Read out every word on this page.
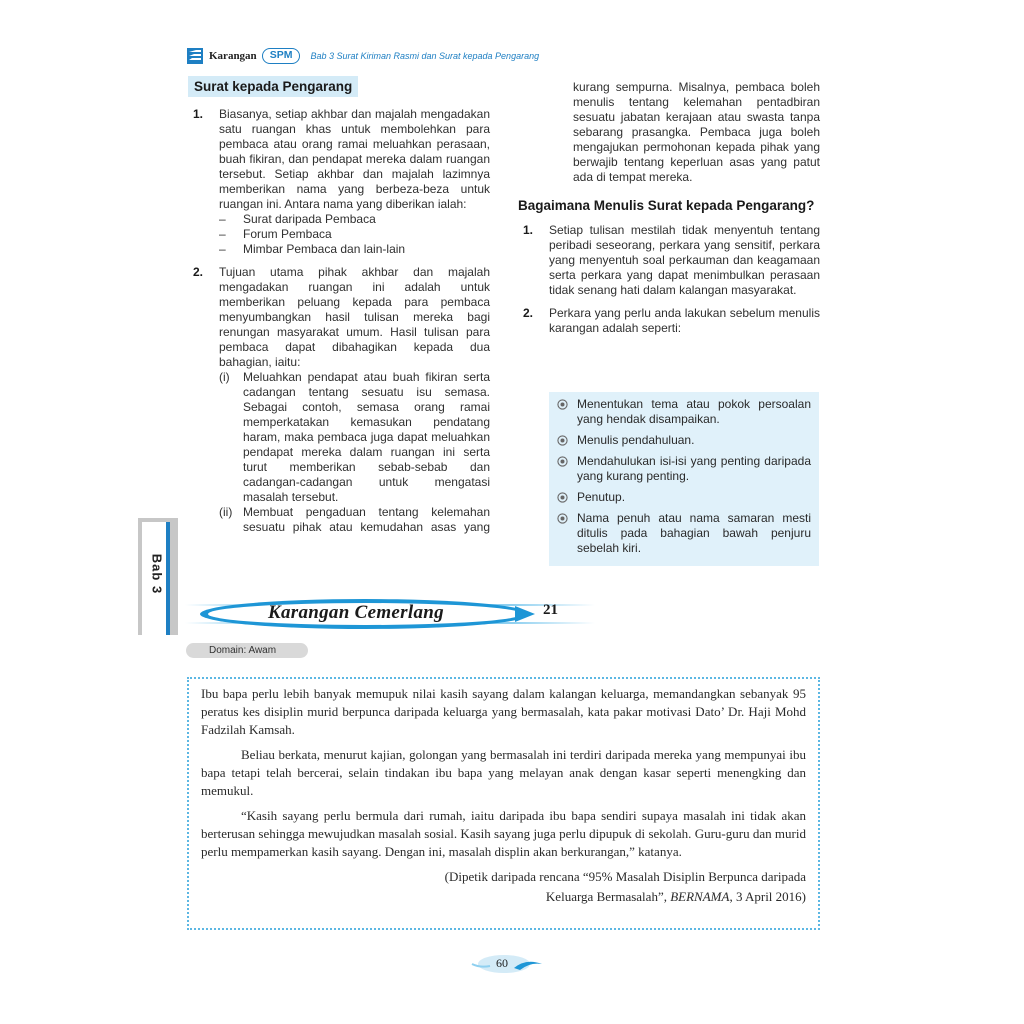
Karangan	SPM	Bab 3 Surat Kiriman Rasmi dan Surat kepada Pengarang
Surat kepada Pengarang
1. Biasanya, setiap akhbar dan majalah mengadakan satu ruangan khas untuk membolehkan para pembaca atau orang ramai meluahkan perasaan, buah fikiran, dan pendapat mereka dalam ruangan tersebut. Setiap akhbar dan majalah lazimnya memberikan nama yang berbeza-beza untuk ruangan ini. Antara nama yang diberikan ialah:
– Surat daripada Pembaca
– Forum Pembaca
– Mimbar Pembaca dan lain-lain
2. Tujuan utama pihak akhbar dan majalah mengadakan ruangan ini adalah untuk memberikan peluang kepada para pembaca menyumbangkan hasil tulisan mereka bagi renungan masyarakat umum. Hasil tulisan para pembaca dapat dibahagikan kepada dua bahagian, iaitu:
(i) Meluahkan pendapat atau buah fikiran serta cadangan tentang sesuatu isu semasa. Sebagai contoh, semasa orang ramai memperkatakan kemasukan pendatang haram, maka pembaca juga dapat meluahkan pendapat mereka dalam ruangan ini serta turut memberikan sebab-sebab dan cadangan-cadangan untuk mengatasi masalah tersebut.
(ii) Membuat pengaduan tentang kelemahan sesuatu pihak atau kemudahan asas yang
kurang sempurna. Misalnya, pembaca boleh menulis tentang kelemahan pentadbiran sesuatu jabatan kerajaan atau swasta tanpa sebarang prasangka. Pembaca juga boleh mengajukan permohonan kepada pihak yang berwajib tentang keperluan asas yang patut ada di tempat mereka.
Bagaimana Menulis Surat kepada Pengarang?
1. Setiap tulisan mestilah tidak menyentuh tentang peribadi seseorang, perkara yang sensitif, perkara yang menyentuh soal perkauman dan keagamaan serta perkara yang dapat menimbulkan perasaan tidak senang hati dalam kalangan masyarakat.
2. Perkara yang perlu anda lakukan sebelum menulis karangan adalah seperti:
Menentukan tema atau pokok persoalan yang hendak disampaikan.
Menulis pendahuluan.
Mendahulukan isi-isi yang penting daripada yang kurang penting.
Penutup.
Nama penuh atau nama samaran mesti ditulis pada bahagian bawah penjuru sebelah kiri.
Bab 3
Karangan Cemerlang	21
Domain: Awam
Ibu bapa perlu lebih banyak memupuk nilai kasih sayang dalam kalangan keluarga, memandangkan sebanyak 95 peratus kes disiplin murid berpunca daripada keluarga yang bermasalah, kata pakar motivasi Dato’ Dr. Haji Mohd Fadzilah Kamsah.
Beliau berkata, menurut kajian, golongan yang bermasalah ini terdiri daripada mereka yang mempunyai ibu bapa tetapi telah bercerai, selain tindakan ibu bapa yang melayan anak dengan kasar seperti menengking dan memukul.
“Kasih sayang perlu bermula dari rumah, iaitu daripada ibu bapa sendiri supaya masalah ini tidak akan berterusan sehingga mewujudkan masalah sosial. Kasih sayang juga perlu dipupuk di sekolah. Guru-guru dan murid perlu mempamerkan kasih sayang. Dengan ini, masalah displin akan berkurangan,” katanya.
(Dipetik daripada rencana “95% Masalah Disiplin Berpunca daripada
Keluarga Bermasalah”, BERNAMA, 3 April 2016)
60
